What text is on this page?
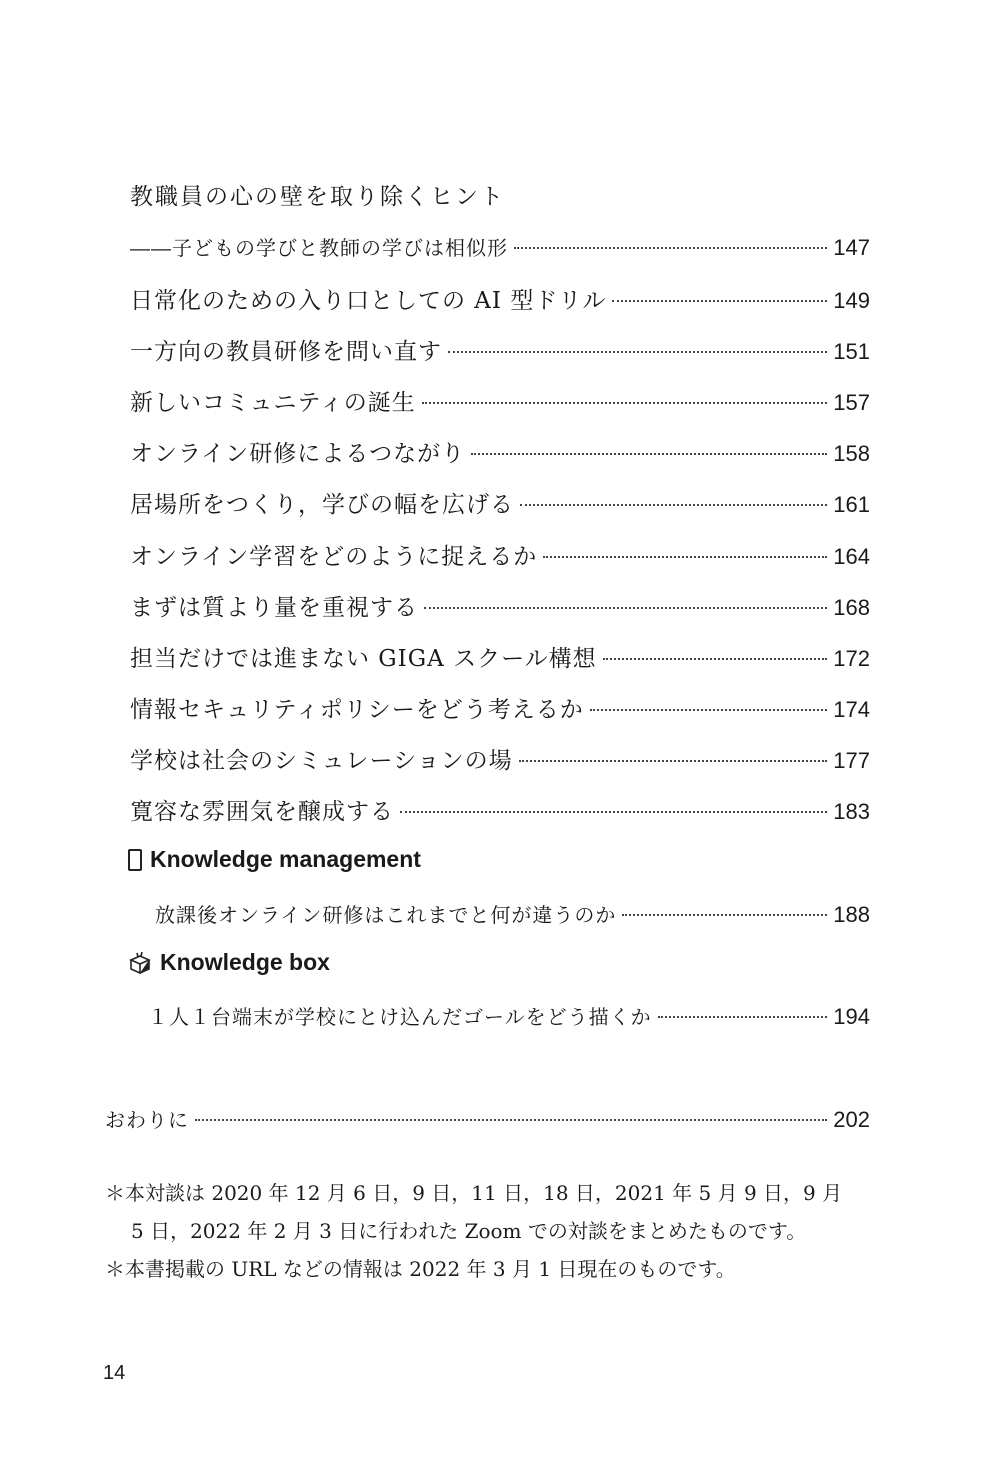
教職員の心の壁を取り除くヒント
――子どもの学びと教師の学びは相似形	147
日常化のための入り口としての AI 型ドリル	149
一方向の教員研修を問い直す	151
新しいコミュニティの誕生	157
オンライン研修によるつながり	158
居場所をつくり，学びの幅を広げる	161
オンライン学習をどのように捉えるか	164
まずは質より量を重視する	168
担当だけでは進まない GIGA スクール構想	172
情報セキュリティポリシーをどう考えるか	174
学校は社会のシミュレーションの場	177
寛容な雰囲気を醸成する	183
Knowledge management
放課後オンライン研修はこれまでと何が違うのか	188
Knowledge box
１人１台端末が学校にとけ込んだゴールをどう描くか	194
おわりに	202
＊本対談は 2020 年 12 月 6 日，9 日，11 日，18 日，2021 年 5 月 9 日，9 月
5 日，2022 年 2 月 3 日に行われた Zoom での対談をまとめたものです。
＊本書掲載の URL などの情報は 2022 年 3 月 1 日現在のものです。
14
